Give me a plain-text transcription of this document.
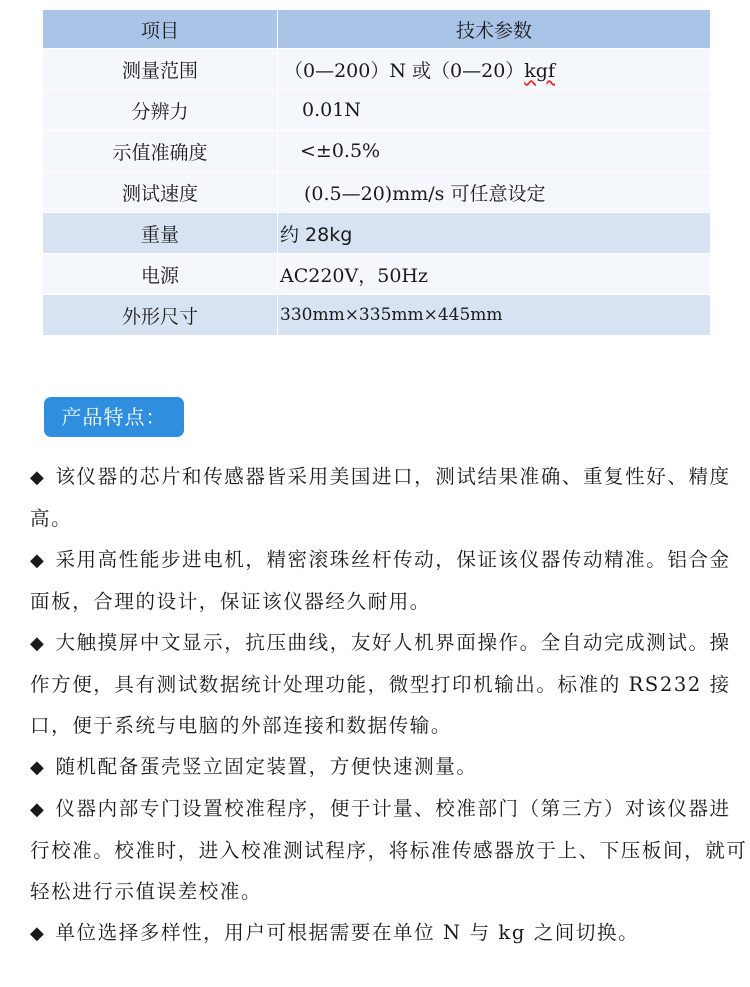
项目	技术参数
测量范围	（0—200）N 或（0—20）kgf
分辨力	0.01N
示值准确度	<±0.5%
测试速度	(0.5—20)mm/s 可任意设定
重量	约 28kg
电源	AC220V，50Hz
外形尺寸	330mm×335mm×445mm
产品特点：

◆ 该仪器的芯片和传感器皆采用美国进口，测试结果准确、重复性好、精度高。

◆ 采用高性能步进电机，精密滚珠丝杆传动，保证该仪器传动精准。铝合金面板，合理的设计，保证该仪器经久耐用。

◆ 大触摸屏中文显示，抗压曲线，友好人机界面操作。全自动完成测试。操作方便，具有测试数据统计处理功能，微型打印机输出。标准的 RS232 接口，便于系统与电脑的外部连接和数据传输。

◆ 随机配备蛋壳竖立固定装置，方便快速测量。

◆ 仪器内部专门设置校准程序，便于计量、校准部门（第三方）对该仪器进行校准。校准时，进入校准测试程序，将标准传感器放于上、下压板间，就可轻松进行示值误差校准。

◆ 单位选择多样性，用户可根据需要在单位 N 与 kg 之间切换。
